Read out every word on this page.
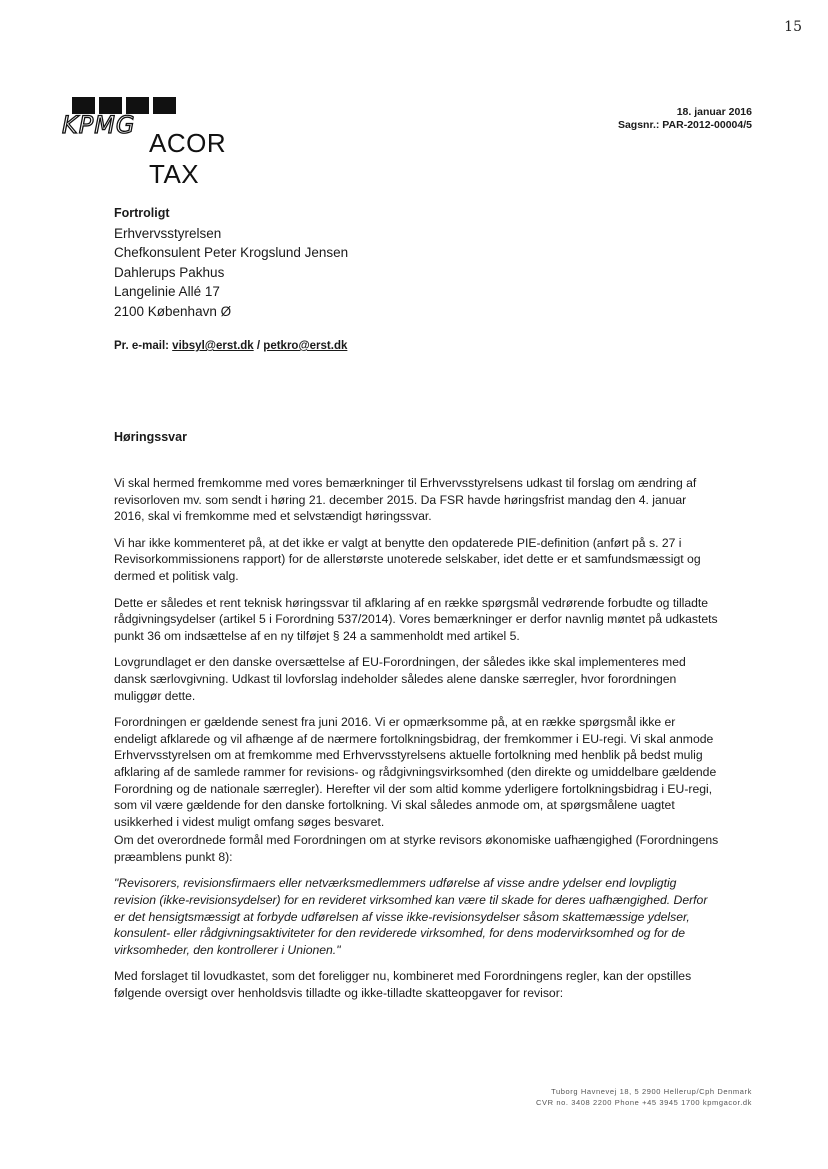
15
KPMG
ACOR TAX
18. januar 2016
Sagsnr.: PAR-2012-00004/5
Fortroligt
Erhvervsstyrelsen
Chefkonsulent Peter Krogslund Jensen
Dahlerups Pakhus
Langelinie Allé 17
2100 København Ø
Pr. e-mail: vibsyl@erst.dk / petkro@erst.dk
Høringssvar

Vi skal hermed fremkomme med vores bemærkninger til Erhvervsstyrelsens udkast til forslag om ændring af revisorloven mv. som sendt i høring 21. december 2015. Da FSR havde høringsfrist mandag den 4. januar 2016, skal vi fremkomme med et selvstændigt høringssvar.

Vi har ikke kommenteret på, at det ikke er valgt at benytte den opdaterede PIE-definition (anført på s. 27 i Revisorkommissionens rapport) for de allerstørste unoterede selskaber, idet dette er et samfundsmæssigt og dermed et politisk valg.

Dette er således et rent teknisk høringssvar til afklaring af en række spørgsmål vedrørende forbudte og tilladte rådgivningsydelser (artikel 5 i Forordning 537/2014). Vores bemærkninger er derfor navnlig møntet på udkastets punkt 36 om indsættelse af en ny tilføjet § 24 a sammenholdt med artikel 5.

Lovgrundlaget er den danske oversættelse af EU-Forordningen, der således ikke skal implementeres med dansk særlovgivning. Udkast til lovforslag indeholder således alene danske særregler, hvor forordningen muliggør dette.

Forordningen er gældende senest fra juni 2016. Vi er opmærksomme på, at en række spørgsmål ikke er endeligt afklarede og vil afhænge af de nærmere fortolkningsbidrag, der fremkommer i EU-regi. Vi skal anmode Erhvervsstyrelsen om at fremkomme med Erhvervsstyrelsens aktuelle fortolkning med henblik på bedst mulig afklaring af de samlede rammer for revisions- og rådgivningsvirksomhed (den direkte og umiddelbare gældende Forordning og de nationale særregler). Herefter vil der som altid komme yderligere fortolkningsbidrag i EU-regi, som vil være gældende for den danske fortolkning. Vi skal således anmode om, at spørgsmålene uagtet usikkerhed i videst muligt omfang søges besvaret.

Om det overordnede formål med Forordningen om at styrke revisors økonomiske uafhængighed (Forordningens præamblens punkt 8):

"Revisorers, revisionsfirmaers eller netværksmedlemmers udførelse af visse andre ydelser end lovpligtig revision (ikke-revisionsydelser) for en revideret virksomhed kan være til skade for deres uafhængighed. Derfor er det hensigtsmæssigt at forbyde udførelsen af visse ikke-revisionsydelser såsom skattemæssige ydelser, konsulent- eller rådgivningsaktiviteter for den reviderede virksomhed, for dens modervirksomhed og for de virksomheder, den kontrollerer i Unionen."

Med forslaget til lovudkastet, som det foreligger nu, kombineret med Forordningens regler, kan der opstilles følgende oversigt over henholdsvis tilladte og ikke-tilladte skatteopgaver for revisor:

Tuborg Havnevej 18, 5 2900 Hellerup/Cph Denmark
CVR no. 3408 2200 Phone +45 3945 1700 kpmgacor.dk
